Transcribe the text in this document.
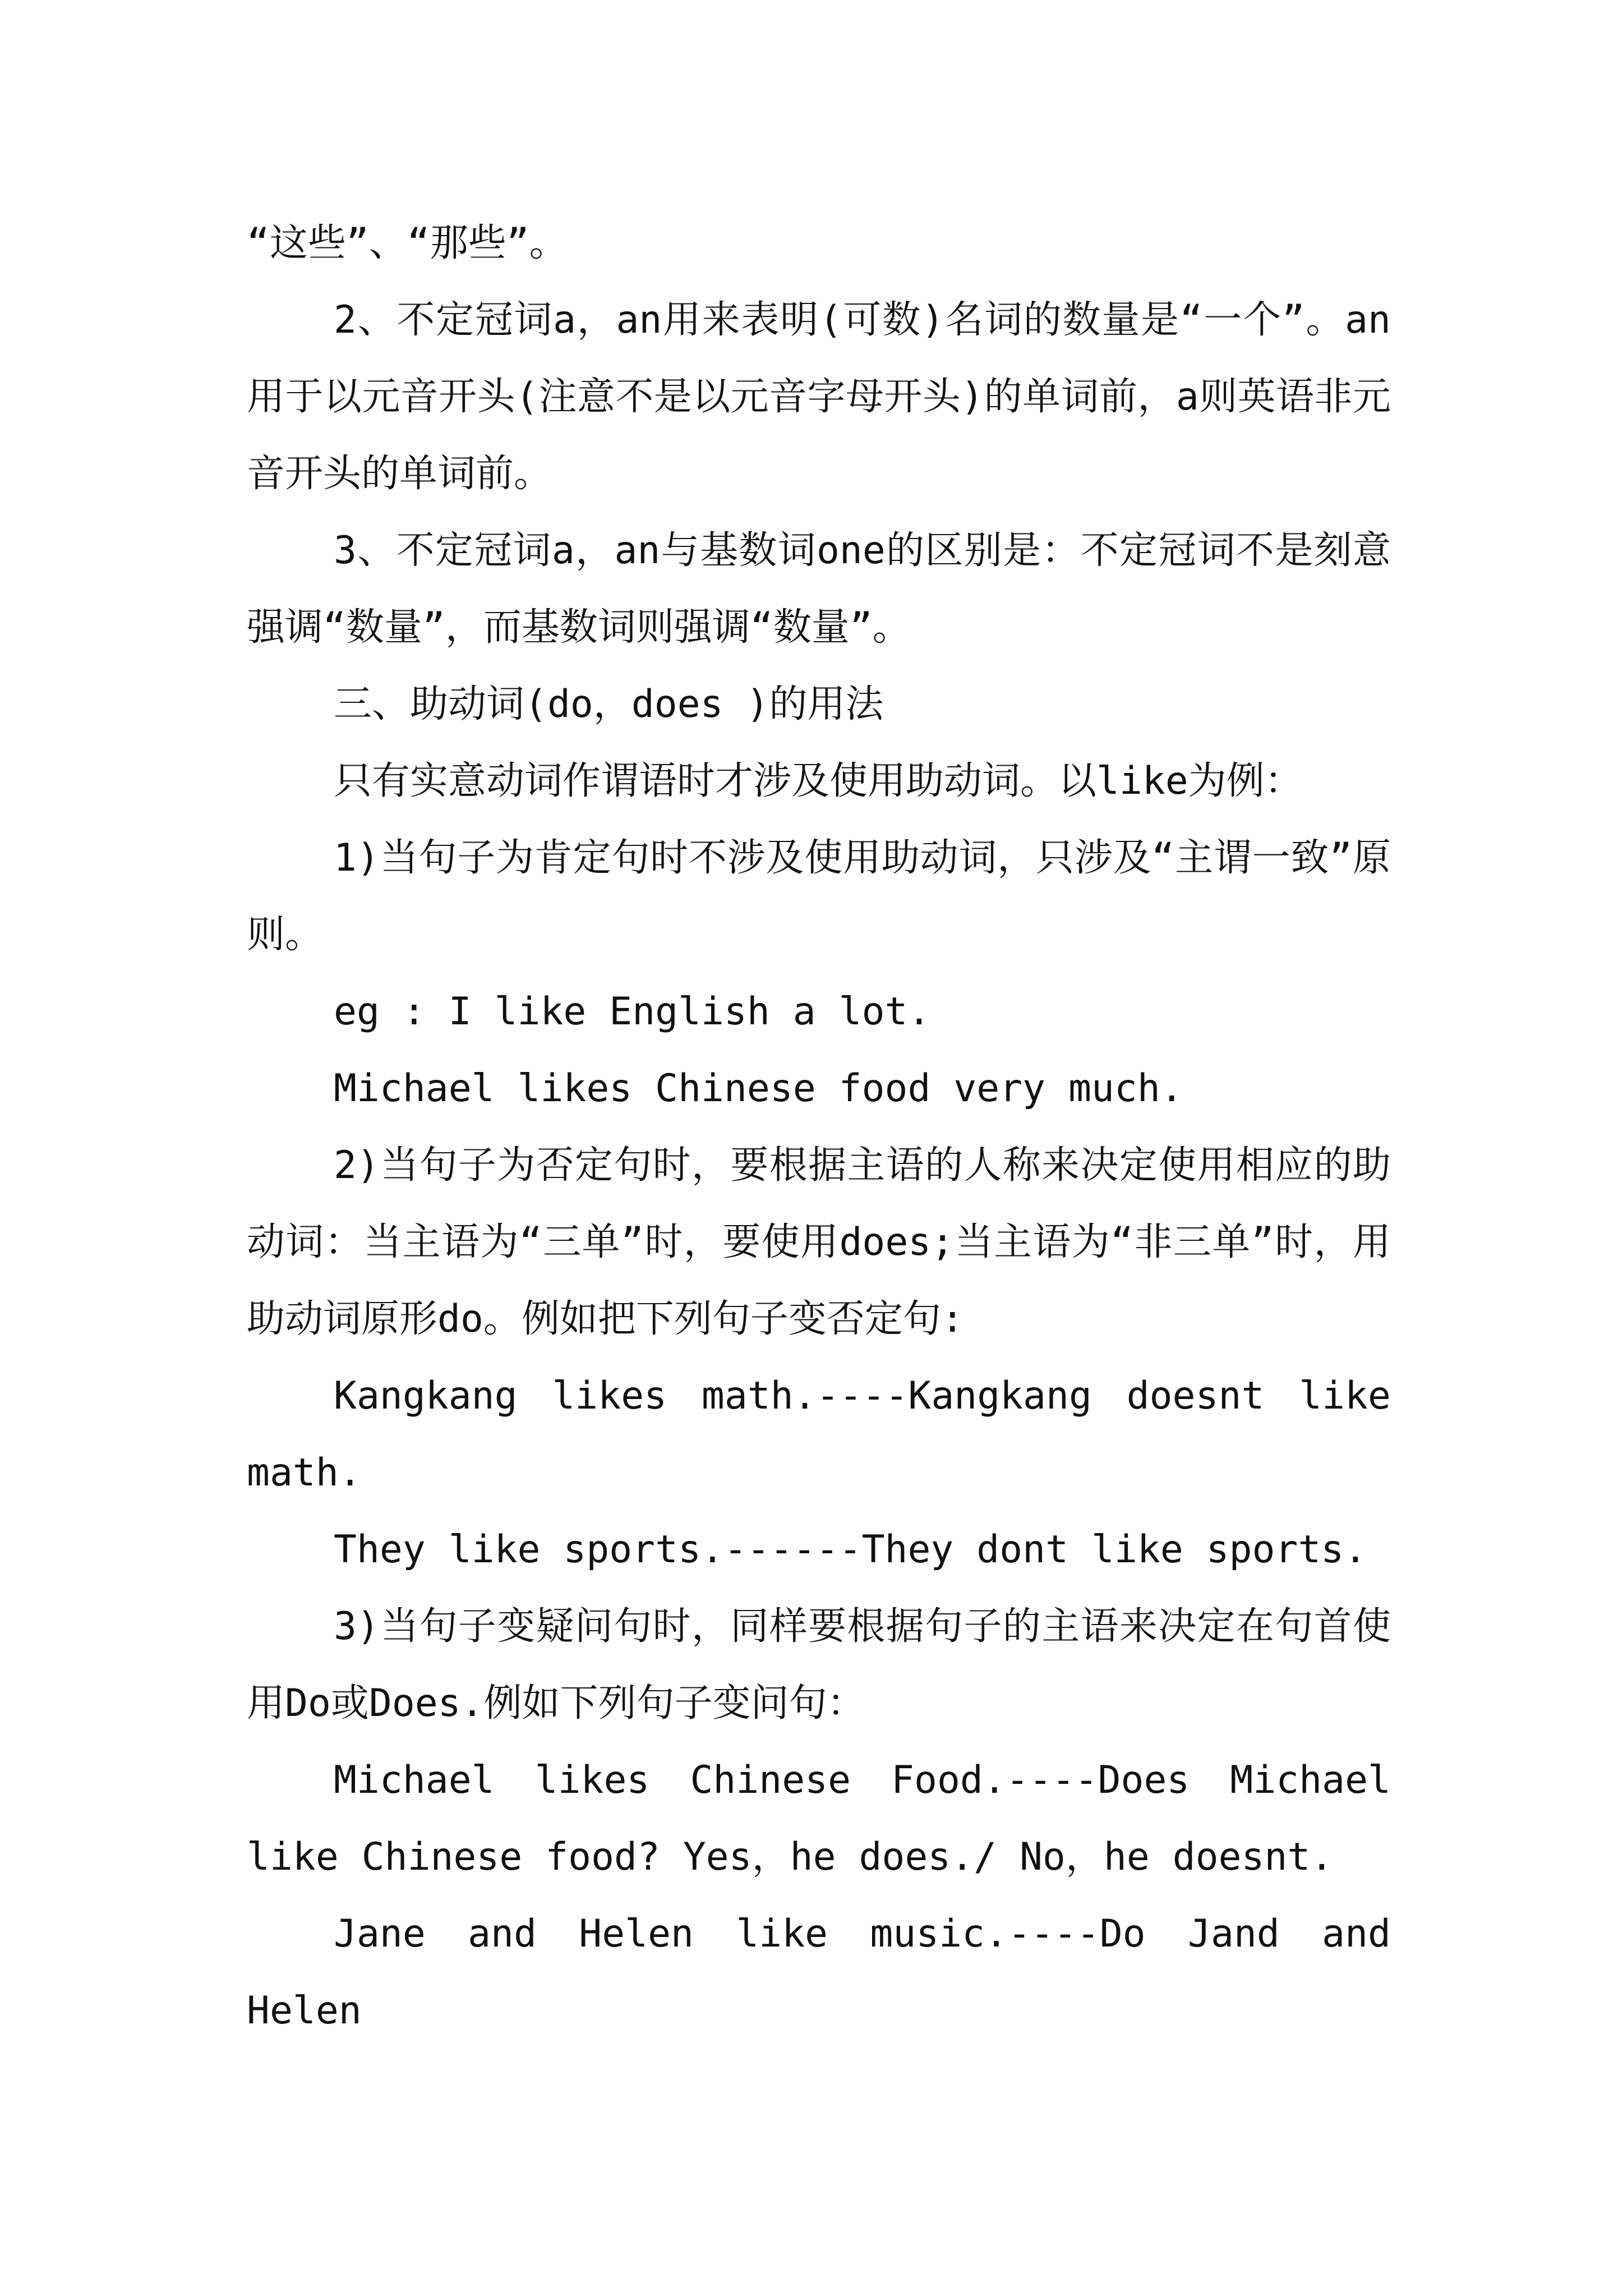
“这些”、“那些”。

2、不定冠词a，an用来表明(可数)名词的数量是“一个”。an用于以元音开头(注意不是以元音字母开头)的单词前，a则英语非元音开头的单词前。

3、不定冠词a，an与基数词one的区别是：不定冠词不是刻意强调“数量”，而基数词则强调“数量”。

三、助动词(do，does )的用法

只有实意动词作谓语时才涉及使用助动词。以like为例：

1)当句子为肯定句时不涉及使用助动词，只涉及“主谓一致”原则。

eg : I like English a lot.

Michael likes Chinese food very much.

2)当句子为否定句时，要根据主语的人称来决定使用相应的助动词：当主语为“三单”时，要使用does;当主语为“非三单”时，用助动词原形do。例如把下列句子变否定句:

Kangkang likes math.----Kangkang doesnt like math.

They like sports.------They dont like sports.

3)当句子变疑问句时，同样要根据句子的主语来决定在句首使用Do或Does.例如下列句子变问句：

Michael likes Chinese Food.----Does Michael like Chinese food? Yes，he does./ No，he doesnt.

Jane and Helen like music.----Do Jand and Helen
